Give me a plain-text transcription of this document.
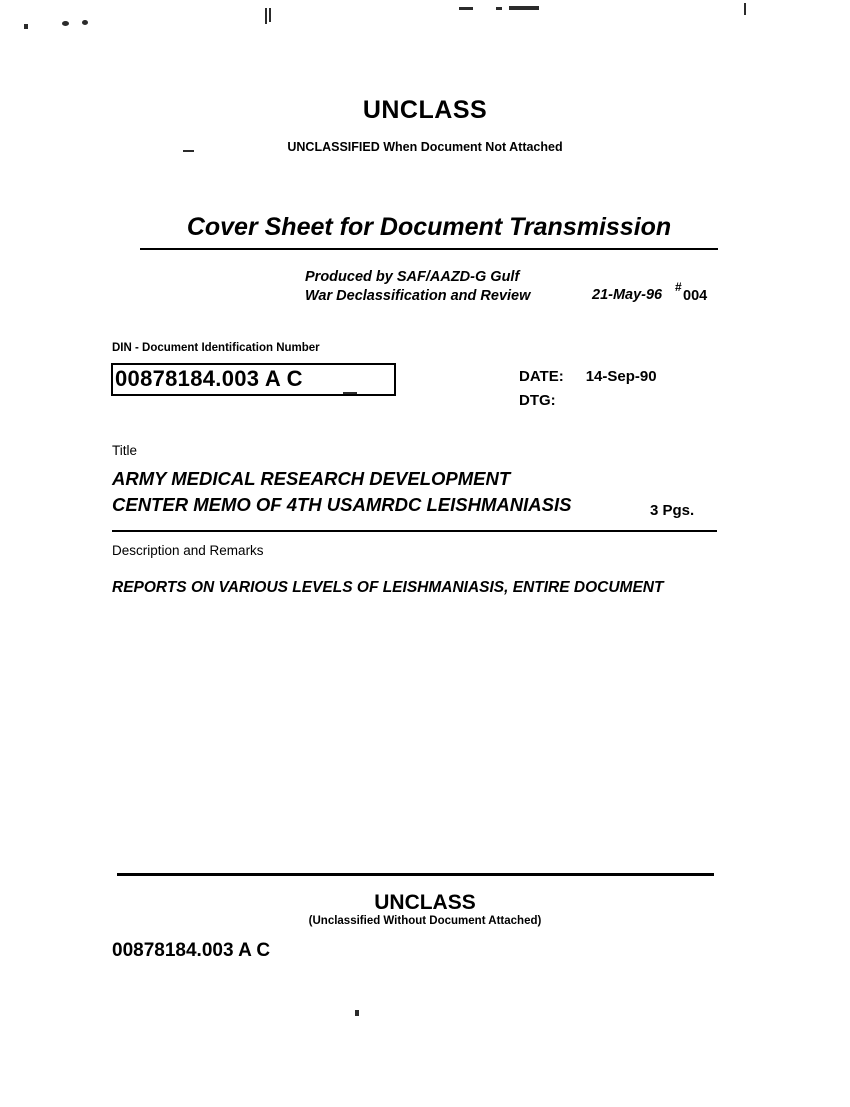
UNCLASS
UNCLASSIFIED When Document Not Attached
Cover Sheet for Document Transmission
Produced by SAF/AAZD-G Gulf
War Declassification and Review	21-May-96 #
004
DIN - Document Identification Number
00878184.003 A C	DATE: 14-Sep-90
DTG:
Title
ARMY MEDICAL RESEARCH DEVELOPMENT
CENTER MEMO OF 4TH USAMRDC LEISHMANIASIS	3 Pgs.
Description and Remarks
REPORTS ON VARIOUS LEVELS OF LEISHMANIASIS, ENTIRE DOCUMENT
UNCLASS
(Unclassified Without Document Attached)
00878184.003 A C
